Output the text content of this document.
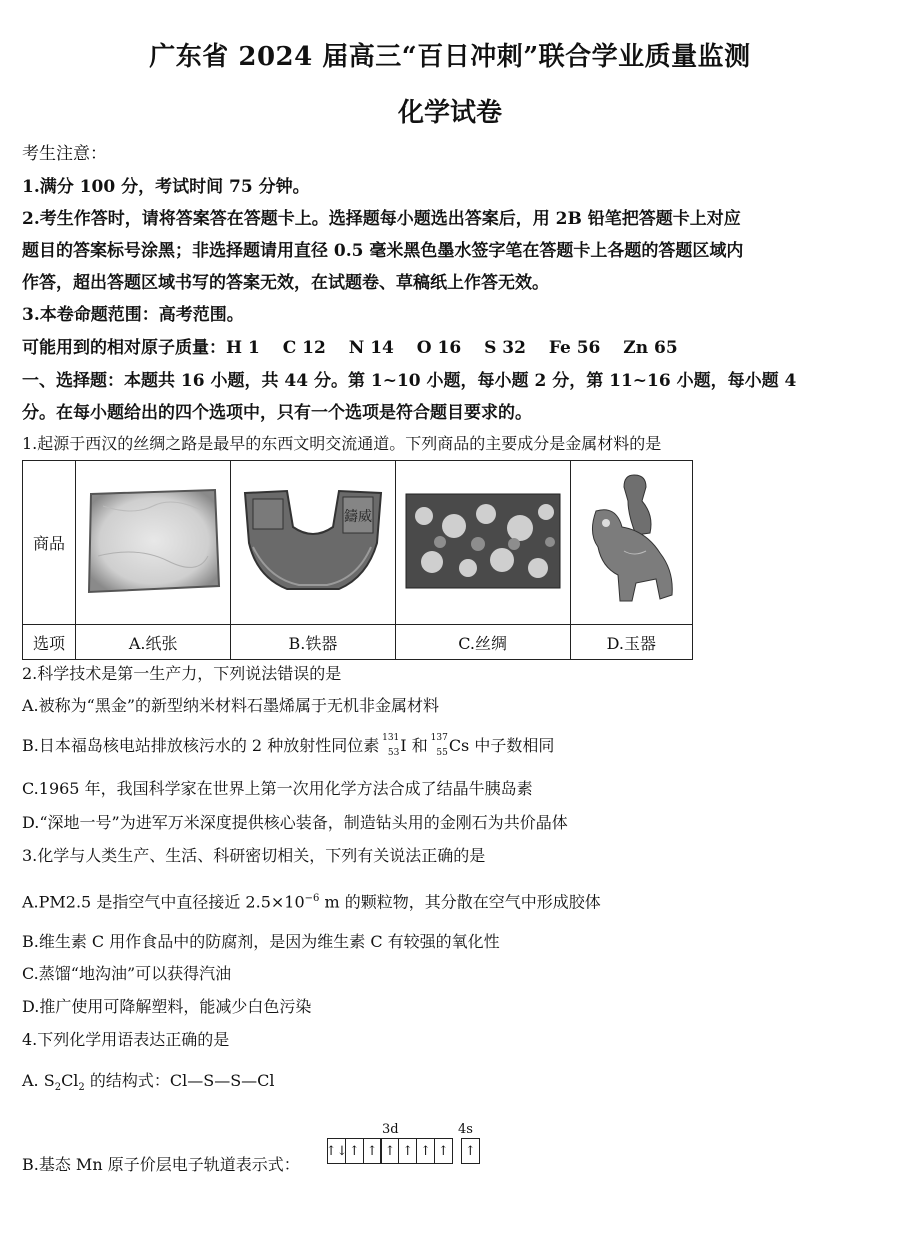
广东省 2024 届高三“百日冲刺”联合学业质量监测
化学试卷
考生注意：
1.满分 100 分，考试时间 75 分钟。
2.考生作答时，请将答案答在答题卡上。选择题每小题选出答案后，用 2B 铅笔把答题卡上对应
题目的答案标号涂黑；非选择题请用直径 0.5 毫米黑色墨水签字笔在答题卡上各题的答题区域内
作答，超出答题区域书写的答案无效，在试题卷、草稿纸上作答无效。
3.本卷命题范围：高考范围。
可能用到的相对原子质量：H 1　 C 12　 N 14　 O 16　 S 32　 Fe 56　 Zn 65
一、选择题：本题共 16 小题，共 44 分。第 1~10 小题，每小题 2 分，第 11~16 小题，每小题 4
分。在每小题给出的四个选项中，只有一个选项是符合题目要求的。
1.起源于西汉的丝绸之路是最早的东西文明交流通道。下列商品的主要成分是金属材料的是
商品		鑄威

选项	A.纸张	B.铁器	C.丝绸	D.玉器
2.科学技术是第一生产力，下列说法错误的是
A.被称为“黑金”的新型纳米材料石墨烯属于无机非金属材料
B.日本福岛核电站排放核污水的 2 种放射性同位素 131
53 I 和 137
55 Cs 中子数相同
C.1965 年，我国科学家在世界上第一次用化学方法合成了结晶牛胰岛素
D.“深地一号”为进军万米深度提供核心装备，制造钻头用的金刚石为共价晶体
3.化学与人类生产、生活、科研密切相关，下列有关说法正确的是
A.PM2.5 是指空气中直径接近 $2.5\times 10^{-6}$ m 的颗粒物，其分散在空气中形成胶体
B.维生素 C 用作食品中的防腐剂，是因为维生素 C 有较强的氧化性
C.蒸馏“地沟油”可以获得汽油
D.推广使用可降解塑料，能减少白色污染
4.下列化学用语表达正确的是
A. $S_2Cl_2$ 的结构式：Cl—S—S—Cl
B.基态 Mn 原子价层电子轨道表示式：
3d	4s
↑↓ ↑ ↑ ↑ ↑ ↑ ↑	↑
